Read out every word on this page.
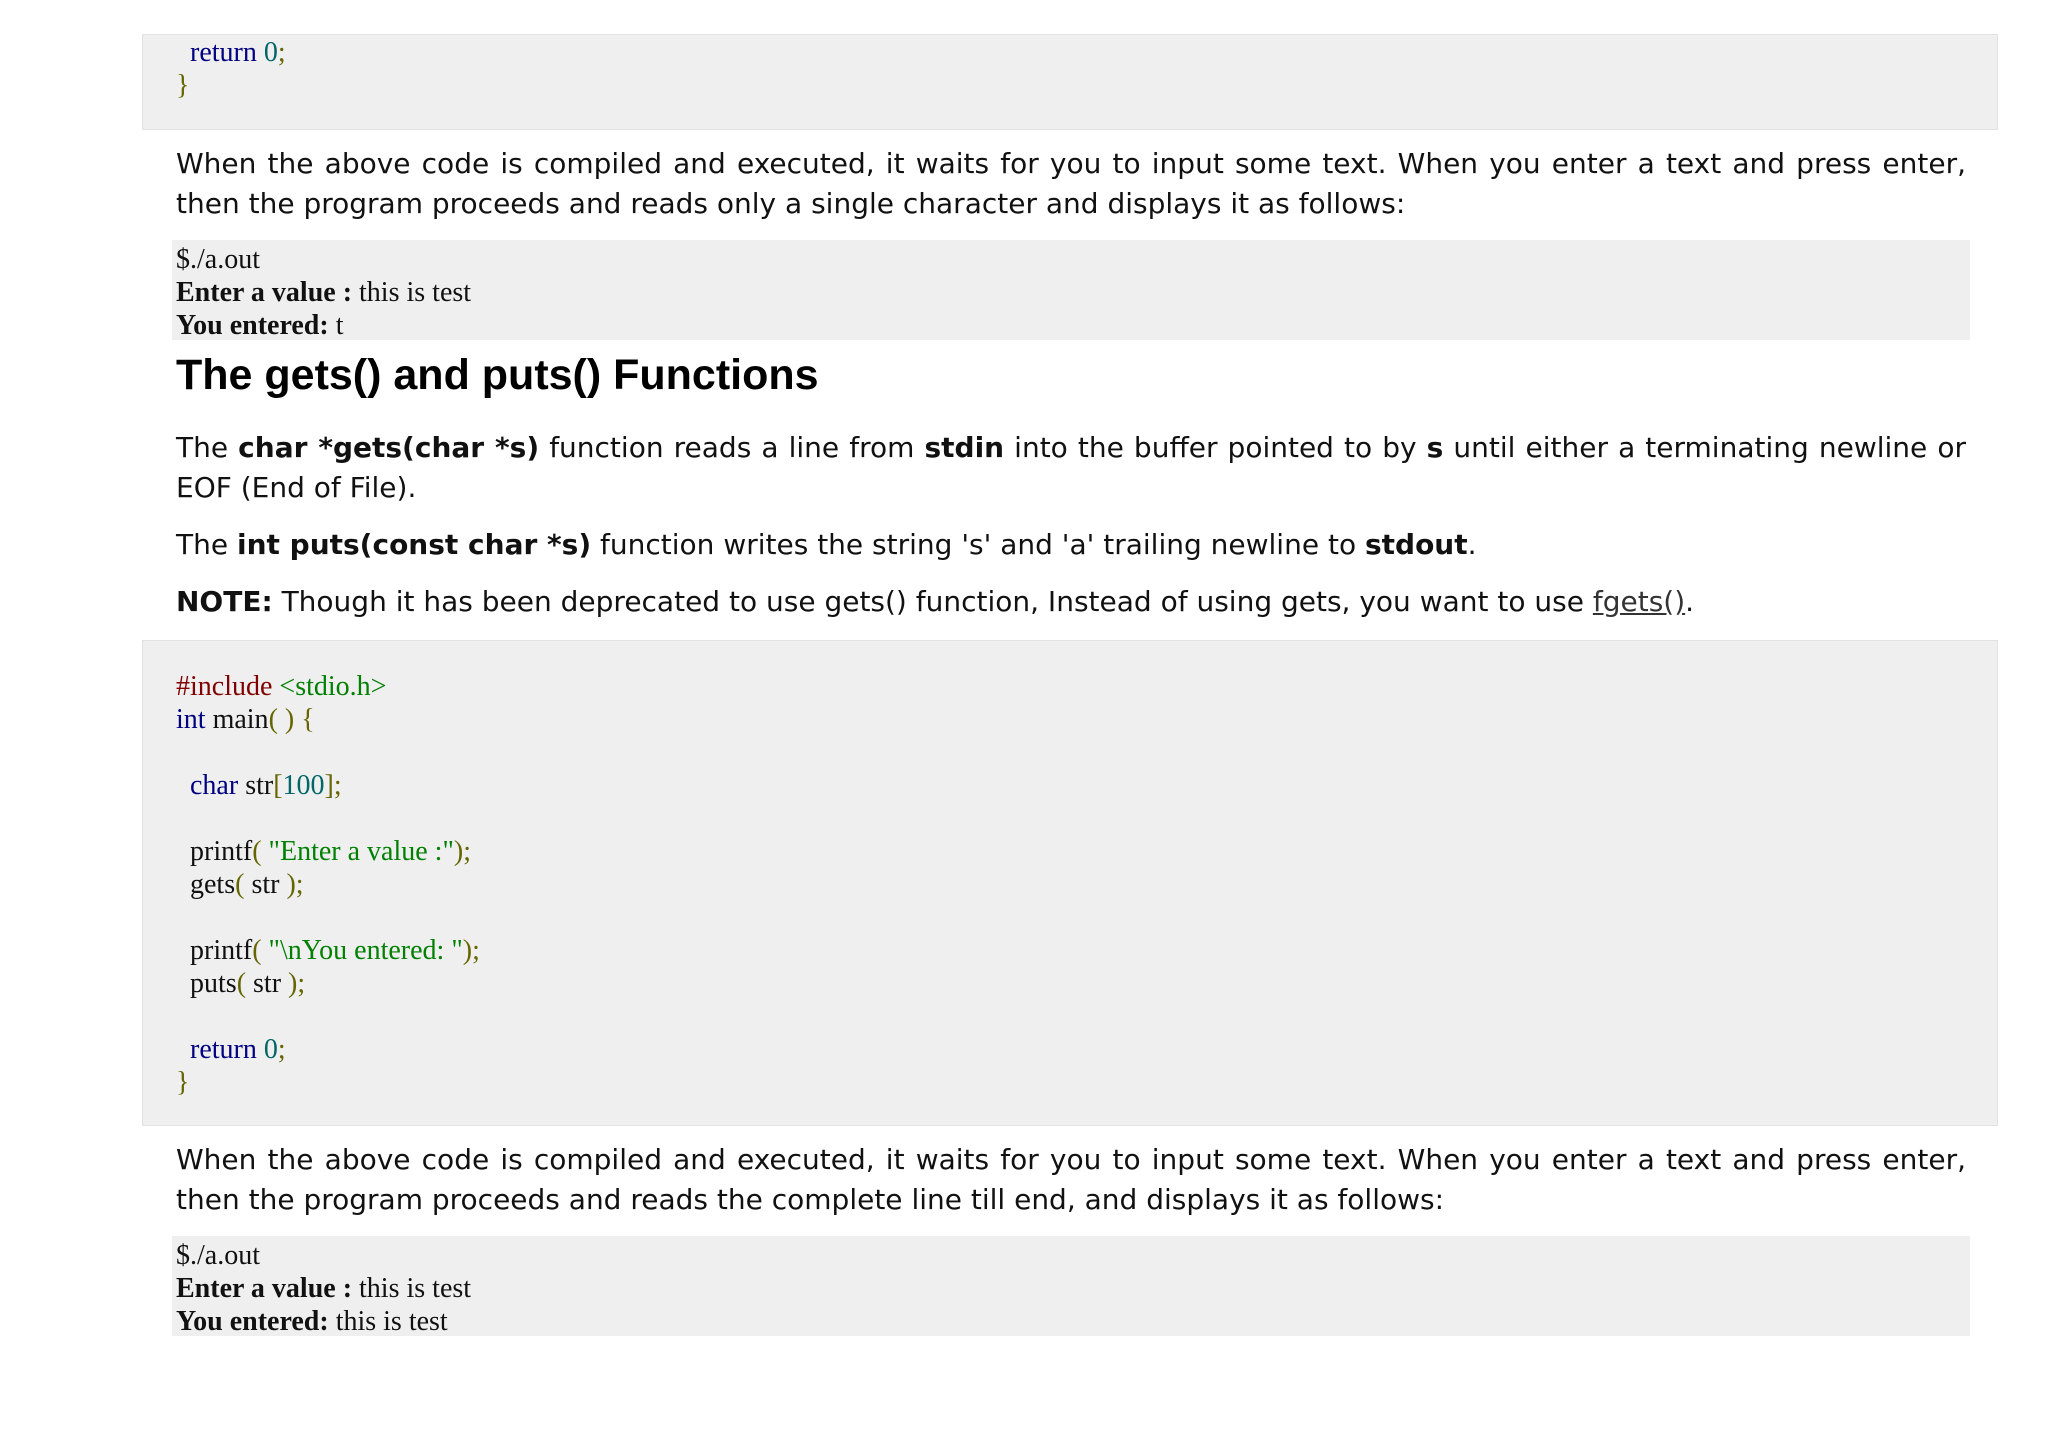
return 0;
}

When the above code is compiled and executed, it waits for you to input some text. When you enter a text and press enter, then the program proceeds and reads only a single character and displays it as follows:

$./a.out
Enter a value : this is test
You entered: t
The gets() and puts() Functions

The char *gets(char *s) function reads a line from stdin into the buffer pointed to by s until either a terminating newline or EOF (End of File).

The int puts(const char *s) function writes the string 's' and 'a' trailing newline to stdout.

NOTE: Though it has been deprecated to use gets() function, Instead of using gets, you want to use fgets().

#include <stdio.h>
int main( ) {
char str[100];
printf( "Enter a value :");
gets( str );
printf( "\nYou entered: ");
puts( str );
return 0;
}

When the above code is compiled and executed, it waits for you to input some text. When you enter a text and press enter, then the program proceeds and reads the complete line till end, and displays it as follows:

$./a.out
Enter a value : this is test
You entered: this is test
